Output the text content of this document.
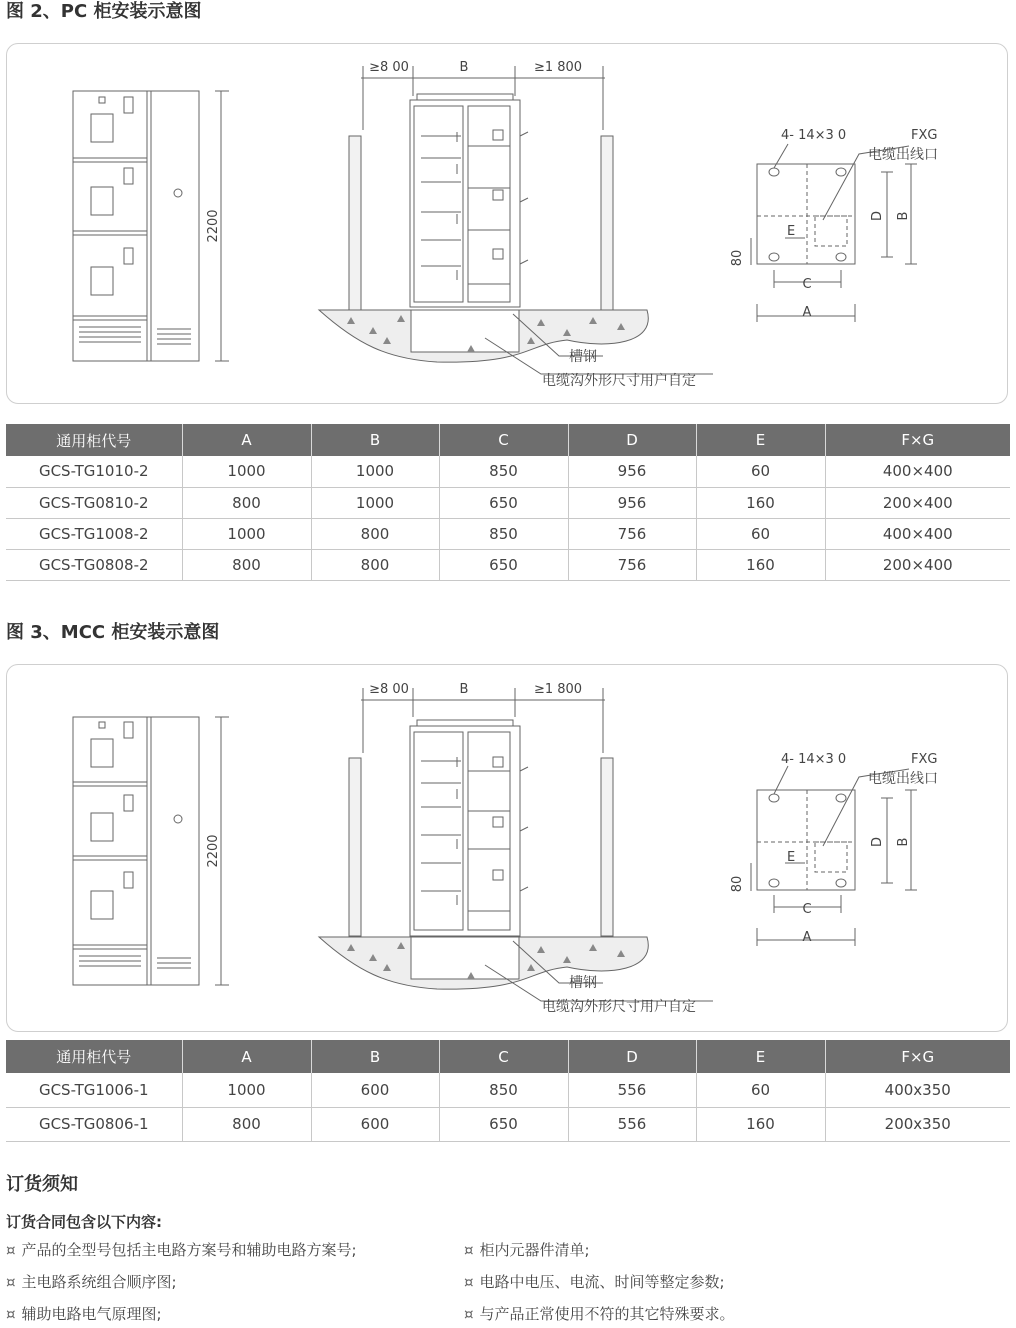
图 2、PC 柜安装示意图
2200
≥8 00	B	≥1 800
槽钢
电缆沟外形尺寸用户自定
4- 14×3 0	FXG
电缆出线口
D B
E
80
C
A
通用柜代号	A	B	C	D	E	F×G
GCS-TG1010-2	1000	1000	850	956	60	400×400
GCS-TG0810-2	800	1000	650	956	160	200×400
GCS-TG1008-2	1000	800	850	756	60	400×400
GCS-TG0808-2	800	800	650	756	160	200×400
图 3、MCC 柜安装示意图
2200
≥8 00	B	≥1 800
槽钢
电缆沟外形尺寸用户自定
4- 14×3 0	FXG
电缆出线口
D B
E
80
C
A
通用柜代号	A	B	C	D	E	F×G
GCS-TG1006-1	1000	600	850	556	60	400x350
GCS-TG0806-1	800	600	650	556	160	200x350
订货须知
订货合同包含以下内容:
¤ 产品的全型号包括主电路方案号和辅助电路方案号;	¤ 柜内元器件清单;
¤ 主电路系统组合顺序图;	¤ 电路中电压、电流、时间等整定参数;
¤ 辅助电路电气原理图;	¤ 与产品正常使用不符的其它特殊要求。
